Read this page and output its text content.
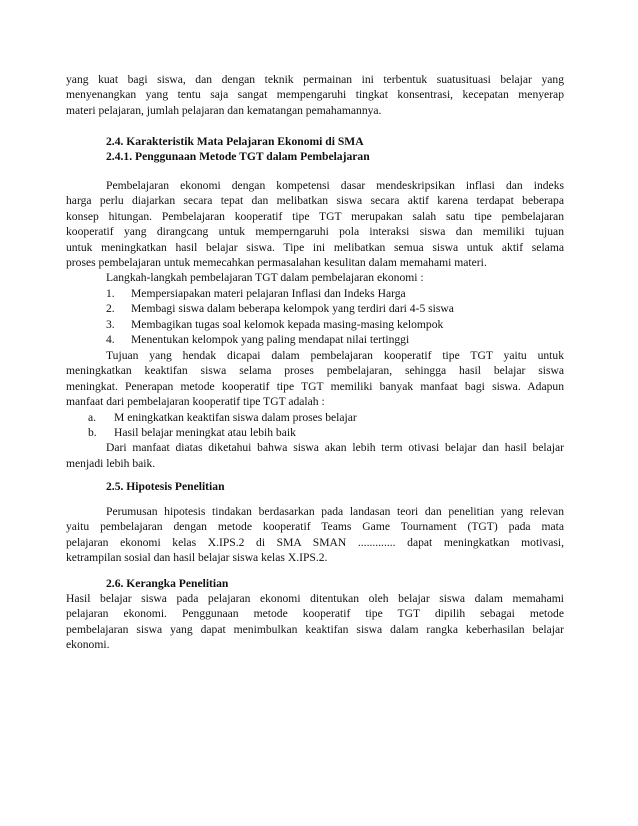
yang kuat bagi siswa, dan dengan teknik permainan ini terbentuk suatusituasi belajar yang
menyenangkan yang tentu saja sangat mempengaruhi tingkat konsentrasi, kecepatan menyerap
materi pelajaran, jumlah pelajaran dan kematangan pemahamannya.
2.4. Karakteristik Mata Pelajaran Ekonomi di SMA
2.4.1. Penggunaan Metode TGT dalam Pembelajaran
Pembelajaran ekonomi dengan kompetensi dasar mendeskripsikan inflasi dan indeks
harga perlu diajarkan secara tepat dan melibatkan siswa secara aktif karena terdapat beberapa
konsep hitungan. Pembelajaran kooperatif tipe TGT merupakan salah satu tipe pembelajaran
kooperatif yang dirangcang untuk memperngaruhi pola interaksi siswa dan memiliki tujuan
untuk meningkatkan hasil belajar siswa. Tipe ini melibatkan semua siswa untuk aktif selama
proses pembelajaran untuk memecahkan permasalahan kesulitan dalam memahami materi.
Langkah-langkah pembelajaran TGT dalam pembelajaran ekonomi :
1. Mempersiapakan materi pelajaran Inflasi dan Indeks Harga
2. Membagi siswa dalam beberapa kelompok yang terdiri dari 4-5 siswa
3. Membagikan tugas soal kelomok kepada masing-masing kelompok
4. Menentukan kelompok yang paling mendapat nilai tertinggi
Tujuan yang hendak dicapai dalam pembelajaran kooperatif tipe TGT yaitu untuk
meningkatkan keaktifan siswa selama proses pembelajaran, sehingga hasil belajar siswa
meningkat. Penerapan metode kooperatif tipe TGT memiliki banyak manfaat bagi siswa. Adapun
manfaat dari pembelajaran kooperatif tipe TGT adalah :
a. M eningkatkan keaktifan siswa dalam proses belajar
b. Hasil belajar meningkat atau lebih baik
Dari manfaat diatas diketahui bahwa siswa akan lebih term otivasi belajar dan hasil belajar
menjadi lebih baik.
2.5. Hipotesis Penelitian
Perumusan hipotesis tindakan berdasarkan pada landasan teori dan penelitian yang relevan
yaitu pembelajaran dengan metode kooperatif Teams Game Tournament (TGT) pada mata
pelajaran ekonomi kelas X.IPS.2 di SMA SMAN ............. dapat meningkatkan motivasi,
ketrampilan sosial dan hasil belajar siswa kelas X.IPS.2.
2.6. Kerangka Penelitian
Hasil belajar siswa pada pelajaran ekonomi ditentukan oleh belajar siswa dalam memahami
pelajaran ekonomi. Penggunaan metode kooperatif tipe TGT dipilih sebagai metode
pembelajaran siswa yang dapat menimbulkan keaktifan siswa dalam rangka keberhasilan belajar
ekonomi.
